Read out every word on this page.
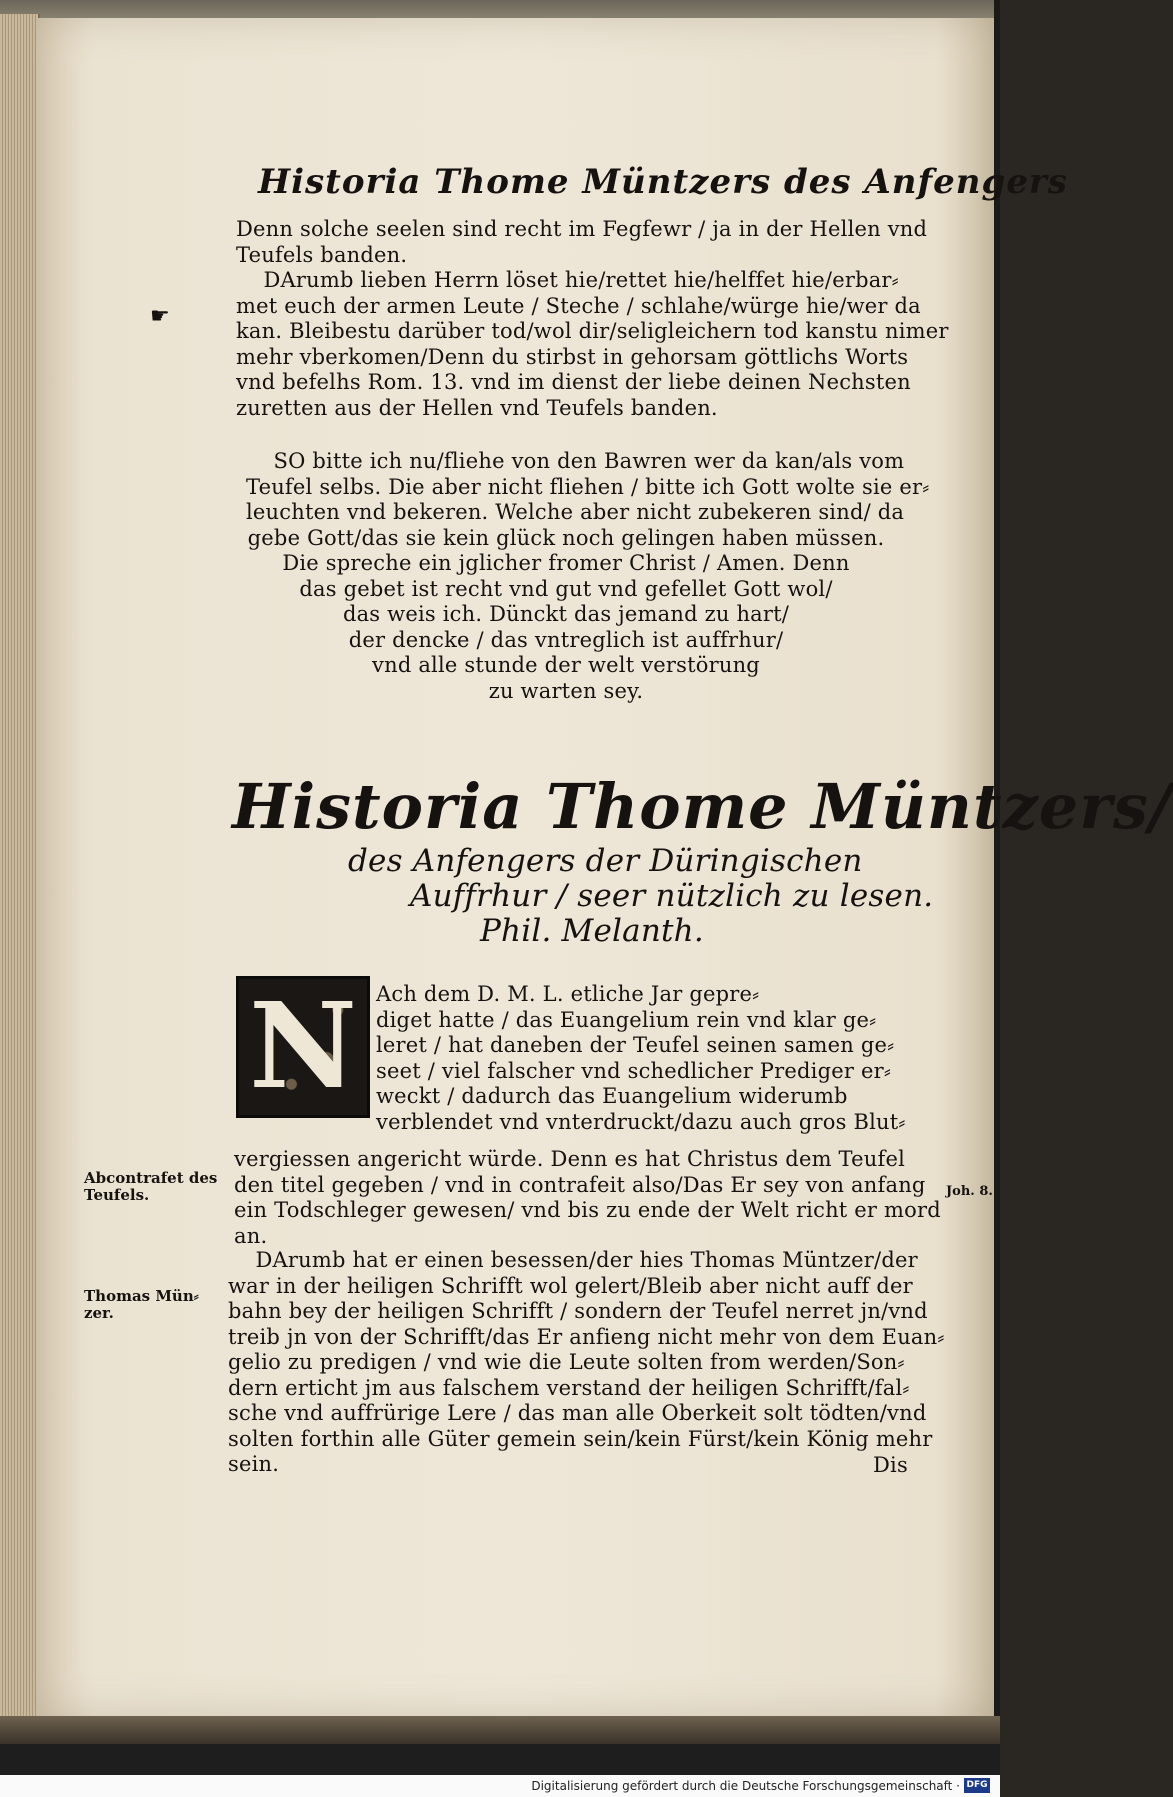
Historia Thome Müntzers des Anfengers
Denn solche seelen sind recht im Fegfewr / ja in der Hellen vnd
Teufels banden.
DArumb lieben Herrn löset hie/rettet hie/helffet hie/erbar⸗
met euch der armen Leute / Steche / schlahe/würge hie/wer da
kan. Bleibestu darüber tod/wol dir/seligleichern tod kanstu nimer
mehr vberkomen/Denn du stirbst in gehorsam göttlichs Worts
vnd befelhs Rom. 13. vnd im dienst der liebe deinen Nechsten
zuretten aus der Hellen vnd Teufels banden.
☛
SO bitte ich nu/fliehe von den Bawren wer da kan/als vom
Teufel selbs. Die aber nicht fliehen / bitte ich Gott wolte sie er⸗
leuchten vnd bekeren. Welche aber nicht zubekeren sind/ da
gebe Gott/das sie kein glück noch gelingen haben müssen.
Die spreche ein jglicher fromer Christ / Amen. Denn
das gebet ist recht vnd gut vnd gefellet Gott wol/
das weis ich. Dünckt das jemand zu hart/
der dencke / das vntreglich ist auffrhur/
vnd alle stunde der welt verstörung
zu warten sey.
Historia Thome Müntzers/
des Anfengers der Düringischen
Auffrhur / seer nützlich zu lesen.
Phil. Melanth.
N Ach dem D. M. L. etliche Jar gepre⸗
diget hatte / das Euangelium rein vnd klar ge⸗
leret / hat daneben der Teufel seinen samen ge⸗
seet / viel falscher vnd schedlicher Prediger er⸗
weckt / dadurch das Euangelium widerumb
verblendet vnd vnterdruckt/dazu auch gros Blut⸗
vergiessen angericht würde. Denn es hat Christus dem Teufel
den titel gegeben / vnd in contrafeit also/Das Er sey von anfang
ein Todschleger gewesen/ vnd bis zu ende der Welt richt er mord
an.
DArumb hat er einen besessen/der hies Thomas Müntzer/der
war in der heiligen Schrifft wol gelert/Bleib aber nicht auff der
bahn bey der heiligen Schrifft / sondern der Teufel nerret jn/vnd
treib jn von der Schrifft/das Er anfieng nicht mehr von dem Euan⸗
gelio zu predigen / vnd wie die Leute solten from werden/Son⸗
dern erticht jm aus falschem verstand der heiligen Schrifft/fal⸗
sche vnd auffrürige Lere / das man alle Oberkeit solt tödten/vnd
solten forthin alle Güter gemein sein/kein Fürst/kein König mehr
sein.
Abcontrafet des
Teufels.
Thomas Mün⸗
zer.
Joh. 8.
Dis
Digitalisierung gefördert durch die Deutsche Forschungsgemeinschaft · DFG
